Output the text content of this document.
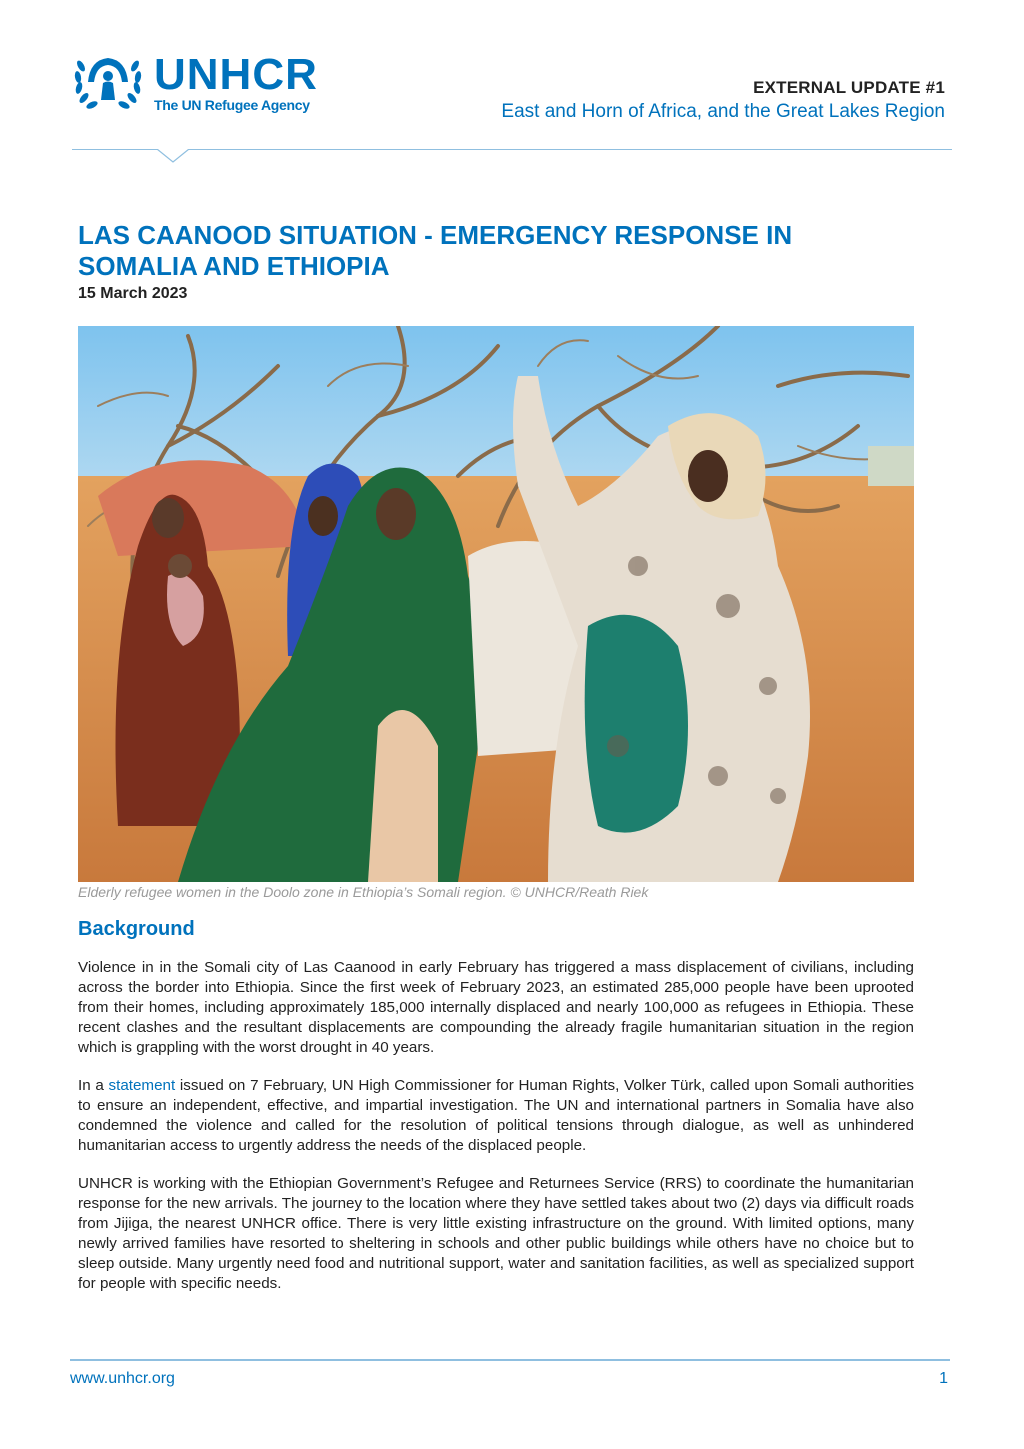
UNHCR
The UN Refugee Agency
EXTERNAL UPDATE #1
East and Horn of Africa, and the Great Lakes Region
LAS CAANOOD SITUATION - EMERGENCY RESPONSE IN SOMALIA AND ETHIOPIA
15 March 2023
Elderly refugee women in the Doolo zone in Ethiopia’s Somali region. © UNHCR/Reath Riek
Background

Violence in in the Somali city of Las Caanood in early February has triggered a mass displacement of civilians, including across the border into Ethiopia. Since the first week of February 2023, an estimated 285,000 people have been uprooted from their homes, including approximately 185,000 internally displaced and nearly 100,000 as refugees in Ethiopia. These recent clashes and the resultant displacements are compounding the already fragile humanitarian situation in the region which is grappling with the worst drought in 40 years.

In a statement issued on 7 February, UN High Commissioner for Human Rights, Volker Türk, called upon Somali authorities to ensure an independent, effective, and impartial investigation. The UN and international partners in Somalia have also condemned the violence and called for the resolution of political tensions through dialogue, as well as unhindered humanitarian access to urgently address the needs of the displaced people.

UNHCR is working with the Ethiopian Government’s Refugee and Returnees Service (RRS) to coordinate the humanitarian response for the new arrivals. The journey to the location where they have settled takes about two (2) days via difficult roads from Jijiga, the nearest UNHCR office. There is very little existing infrastructure on the ground. With limited options, many newly arrived families have resorted to sheltering in schools and other public buildings while others have no choice but to sleep outside. Many urgently need food and nutritional support, water and sanitation facilities, as well as specialized support for people with specific needs.

www.unhcr.org	1
